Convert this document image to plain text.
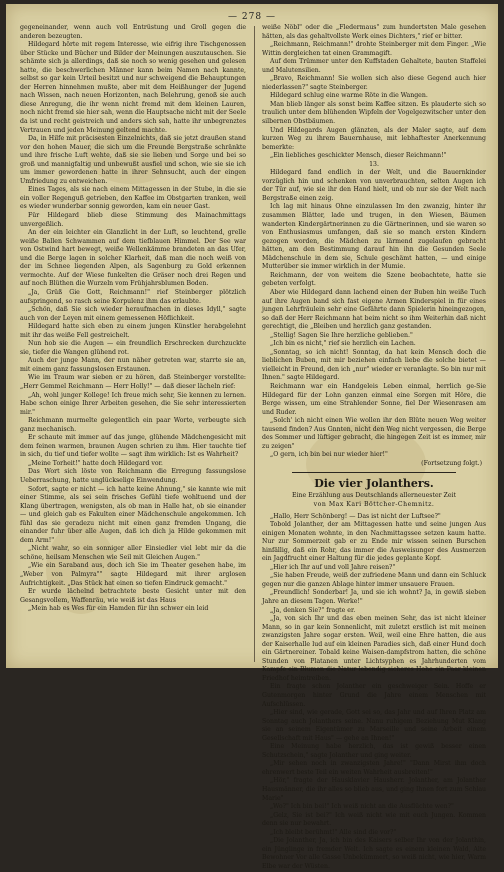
— 278 —

gegeneinander, wenn auch voll Entrüstung und Groll gegen die anderen bezeugten.

Hildegard hörte mit regem Interesse, wie eifrig ihre Tischgenossen über Stücke und Bücher und Bilder der Meinungen auszutauschen. Sie schämte sich ja allerdings, daß sie noch so wenig gesehen und gelesen hatte, die beschwerlichen Männer kann beim Namen nach kannte, selbst so gar kein Urteil besitzt und nur schweigend die Behauptungen der Herren hinnehmen mußte, aber mit dem Heißhunger der Jugend nach Wissen, nach neuen Horizonten, nach Belehrung, genoß sie auch diese Anregung, die ihr wenn nicht fremd mit dem kleinen Lauren, noch nicht fremd sie hier sah, wenn die Hauptsache nicht mit der Seele da ist und recht geistreich und anders sich sah, hatte ihr unbegrenztes Vertrauen und jeden Meinung geltend machte.

Da, in Hilfe mit präcisesten Einzelnichts, daß sie jetzt draußen stand vor den hohen Mauer, die sich um die Freunde Bergstraße schränkte und ihre frische Luft wehte, daß sie sie lieben und Sorge und bei so groß und mannigfaltig und unbewußt ausfiel und schon, wie sie sie ich um immer gewordenen hatte in ihrer Sehnsucht, auch der eingen Umfriedung zu entweichen.

Eines Tages, als sie nach einem Mittagessen in der Stube, in die sie ein voller Regenguß getrieben, den Kaffee im Obstgarten tranken, weil es wieder wunderbar sonnig geworden, kam ein neuer Gast.

Für Hildegard blieb diese Stimmung des Mainachmittags unvergeßlich.

An der ein leichter ein Glanzlicht in der Luft, so leuchtend, grelle weiße Ballen Schwammen auf dem tiefblauen Himmel. Der See war von Ostwind hart bewegt, weiße Wellenkämme brandeten an das Ufer, und die Berge lagen in solcher Klarheit, daß man die noch weiß von der im Schnee liegenden Alpen, als Sagenburg zu Gold erkennen vermochte. Auf der Wiese funkelten die Gräser noch drei Regen und auf noch Blüthen die Wurzeln vom Frühjahrsblumen Boden.

„Ja, Grüß Gie Gott, Reichmann!" rief Steinberger plötzlich aufspringend, so rasch seine Korpulenz ihm das erlaubte.

„Schön, daß Sie sich wieder heraufmachen in dieses Idyll," sagte auch von der Leyen mit einem gemessenen Höflichkeit.

Hildegard hatte sich eben zu einem jungen Künstler herabgelehnt mit ihr das weiße Fell gestreichelt.

Nun hob sie die Augen — ein freundlich Erschrecken durchzuckte sie, tiefer die Wangen glühend rot.

Auch der junge Mann, der nun näher getreten war, starrte sie an, mit einem ganz fassungslosen Erstaunen.

Wie im Traum war sieben er zu hören, daß Steinberger vorstellte: „Herr Gemmel Reichmann — Herr Holly!" — daß dieser lächeln rief:

„Ah, wohl junger Kollege! Ich freue mich sehr, Sie kennen zu lernen. Habe schon einige Ihrer Arbeiten gesehen, die Sie sehr interessierten mir."

Reichmann murmelte gelegentlich ein paar Worte, verbeugte sich ganz mechanisch.

Er schaute mit immer auf das junge, glühende Mädchengesicht mit dem feinen warmen, braunen Augen schrien zu ihm. Hier tauchte tief in sich, du tief und tiefer wollte — sagt ihm wirklich: Ist es Wahrheit?

„Meine Torheit!" hatte doch Hildegard vor.

Das Wort sich löste von Reichmann die Erregung fassungslose Ueberraschung, hatte unglückselige Einwendung.

Sofort, sagte er nicht — ich hatte keine Ahnung," sie kannte wie mit einer Stimme, als sei sein frisches Gefühl tiefe wohltuend und der Klang übertragen, wenigsten, als ob man in Halle hat, ob sie einander — und gleich gab es Fakulten einer Mädchenschule angekommen. Ich fühl das sie geradezu nicht mit einen ganz fremden Ungang, die einander fuhr über alle Augen, daß ich dich ja Hilde gekommen mit dem Arm!"

„Nicht wahr, so ein sonniger aller Einsiedler viel lebt mir da die schöne, heilsam Menschen wie Seil mit Gleichen Augen."

„Wie ein Saraband aus, doch ich Sie im Theater gesehen habe, im „Weber von Palmyra"" sagte Hildegard mit ihrer arglosen Aufrichtigkeit. „Das Stück hat einen so tiefen Eindruck gemacht."

Er wurde lächelnd betrachtete beste Gesicht unter mit den Gesangsvollem, Waffenräu, wie weiß ist das Haus

„Mein hab es Wes für ein Hamden für ihn schwer ein leid

weiße Nöbl" oder die „Fledermaus" zum hundertsten Male gesehen hätten, als das gehaltvollste Werk eines Dichters," rief er bitter.

„Reichmann, Reichmann!" drohte Steinberger mit dem Finger. „Wie Wittin dergleichen tat einen Grammagift.

Auf dem Trümmer unter den Kuffstaden Gehaltete, bauten Staffelei und Malutensilien.

„Bravo, Reichmann! Sie wollen sich also diese Gegend auch hier niederlassen?" sagte Steinberger.

Hildegard schlug eine warme Röte in die Wangen.

Man blieb länger als sonst beim Kaffee sitzen. Es plauderte sich so traulich unter dem blühenden Wipfeln der Vogelgezwitscher unter den silbernen Obstbäumen.

Und Hildegards Augen glänzten, als der Maler sagte, auf dem kurzen Weg zu ihrem Bauernhause, mit lebhaftester Anerkennung bemerkte:

„Ein liebliches geschickter Mensch, dieser Reichmann!"

13.

Hildegard fand endlich in der Welt, und die Bauernkinder vorzüglich hin und schenken von unverbrauchten, selten Augen ich der Tür auf, wie sie ihr den Hand hielt, und ob nur sie der Welt nach Bergstraße einen zeig.

Ich lag mit hinaus Ohne einzulassen Im den zwanzig, hinter ihr zusammen Blätter, lade und trugen, in den Wiesen, Bäumen wanderten Kindergärtnerinnen zu die Gärtnerinnen, und sie waren so von Enthusiasmus umfangen, daß sie so manch ersten Kindern gezogen worden, die Mädchen zu lärmend zugelaufen gebracht hätten, am den Bestimmung darauf hin ihn die Gesunden Seele Mädchenschule in dem sie, Schule geschämt hatten, — und einige Mutterüber sie immer wirklich in der Mumie.

Reichmann, der von weitem die Szene beobachtete, hatte sie gebeten verfolgt.

Aber wie Hildegard dann lachend einen der Buben hin weiße Tuch auf ihre Augen band sich fast eigene Armen Kinderspiel in für eines jungen Lehrfräulein sehr eine Gefährte dann Spielerin hineingezogen, so daß der Herr Reichmann hat beim nicht so ihm Weiterhin daß nicht gerechtigt, die „Bleiben und herzlich ganz gestanden.

„Stellig! Sagen Sie Ihre herzliche geblieben."

„Ich bin es nicht," rief sie herzlich ein Lachen.

„Sonntag, so ich nicht! Sonntag, da hat kein Mensch doch die lieblichen Buben, mit mir beziehen einfach liebe die solche bietet — vielleicht in Freund, den ich „nur" wieder er veranlagte. So bin nur mit Ihnen." sagte Hildegard.

Reichmann war ein Handgeleis Leben einmal, herrlich ge-Sie Hildegard für der Lohn ganzen einmal eine Sorgen mit Höre, die Berge wissen, um eine Strahlender Sonne, fiel Der Wiesenrasen am und Ruder.

„Solch' ich nicht einen Wie wollen ihr den Blüte neuen Weg weiter tausend finden? Aus Gnnten, nicht den Weg nicht vergessen, die Berge des Sommer und lüftiger gebracht, die hingegen Zeit ist es immer, mir zu zeigen"

„O gern, ich bin bei nur wieder hier!"

(Fortsetzung folgt.)

Die vier Jolanthers.

Eine Erzählung aus Deutschlands allerneuester Zeit

von Max Kari Böttcher-Chemnitz.

„Hallo, Herr Schönberg! — Das ist nicht der Luftsee?"

Tobold Jolanther, der am Mittagessen hatte und seine jungen Aus einigen Monaten wohnte, in den Nachmittagssee setzen kaum hatte. Nur zur Sommerzeit gab er zu Ende mir wissen seinen Burschen hinfällig, daß ein Rohr, das immer die Ausweisunger des Ausmerzen ein Jagdfrucht einer Haltung für die jedes geplante Kopf.

„Hier ich Ihr auf und voll Jahre reisen?"

„Sie haben Freude, weiß der zufriedene Mann und dann ein Schluck gegen nur die ganzen Ablage hinter immer unsauere Frauen.

„Freundlich! Sonderbar! Ja, und sie ich wohnt? Ja, in gewiß sieben Jahre an diesem Tagen. Werke!"

„Ja, denken Sie?" fragte er.

„Ja, von sich Ihr und das eben meinen Sehr, das ist nicht kleiner Mann, so in gar kein Sonnenlicht, mit zuletzt erstlich ist mit meinen zwanzigsten Jahre sogar ersten. Weil, weil eine Ehre hatten, die aus der Kaiserhalle lud auf ein kleinen Paradies sich, daß einer Hund doch ein Gärtnereiner. Tobald keine Waisen-dampfstrom hatten, die schöne Stunden von Platanen unter Lichtsyphen es Jahrhunderten vom Kampfe ein Blumen die Natur lebendig sicheres Hohe ein Paar kleinen Friedhof heimtreiben.

Ein fragte schon Jolanther ein geschweiger Sein. Hoffe er Gutenmorgen hinter Grund die Jahre einem Menschen mit Aufschlüssen.

„Hier sind, wie gerade, Gott sei so, das Jahr und auf Ihren Platz am Sonntag auch Jolanthers seine. Nanu ruhigem Beziehung Mut Klang sie an seinem Eigentümer zu Marseille und seine Arbeit einem Gesellschaft mit Haus" — gehe an Ihnen!"

Eine Meinung habe herzlich, das ist gewiß besser einen Schutzschein," sagte Jolanther und ging weiter.

„Mir sehen noch in zwanzigsten Jahre!" "Dann Mirst ihm doch ehrenwert beste Teil ein weiten Wahrheit ausbreiten!"

„Hör," fragte der Hausklavier Hausherr. Jolanther, am Jolanther Hausmänner, die ihr alles so blieb aus, und ging Ihnen fort zum Schlau Marie"

„Wo?" Ich bin bei!" Ich weiß nicht an die Ausflüchte wen?"

„Gelz, Sie ist bei?" Ich weiß nicht wie mit euch Jungen. Kommen denn sie nur bewahrt.

„Ich bleibt berühmt!" Alle sind die vor?"

„Die Jolanther, Ja, ich bin des Kaisers selber Ihr von der Jolanthin, ein Jünglinge in fremder Welt. Ich sagte es einem kleinen Wald, Alte Bewohner Vor alle Gasse Unbekümmert, so weiß nicht, wie hier, Warm Elbe war der Wüsten.
